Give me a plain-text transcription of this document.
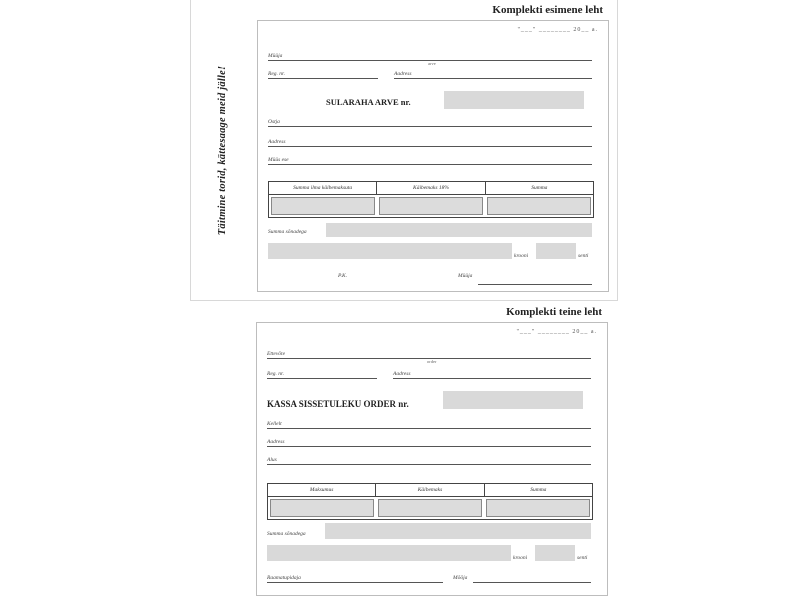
Täitmine torid, kättesaage meid jälle!
Komplekti esimene leht
"___" ________ 20__ a.
Müüja
arve
Reg. nr.	Aadress
SULARAHA ARVE nr.
Ostja
Aadress
Müüs ese
Summa ilma käibemaksuta	Käibemaks 18%	Summa
Summa sõnadega
krooni	senti
P.K.	Müüja
Komplekti teine leht
"___" ________ 20__ a.
Ettevõte
order
Reg. nr.	Aadress
KASSA SISSETULEKU ORDER nr.
Kellelt
Aadress
Alus
Maksumus	Käibemaks	Summa
Summa sõnadega
krooni	senti
Raamatupidaja	Mõõja
